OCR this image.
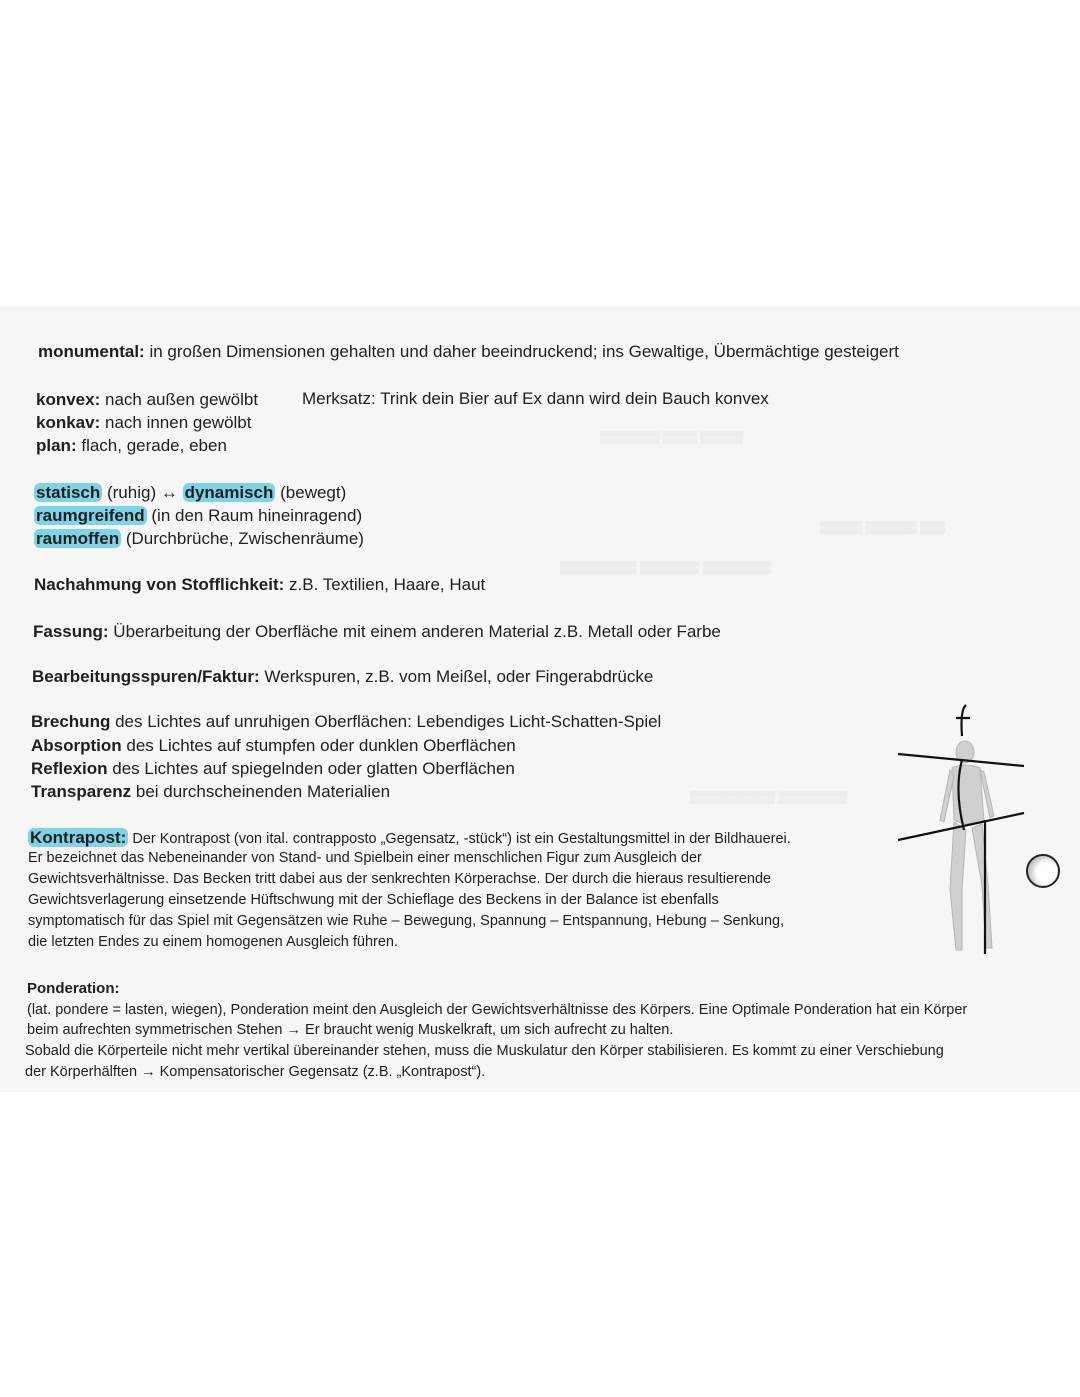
▒▒▒▒▒▒▒ ▒▒▒▒ ▒▒▒▒▒
▒▒▒▒▒ ▒▒▒▒▒▒ ▒▒▒
▒▒▒▒▒▒▒▒▒ ▒▒▒▒▒▒▒ ▒▒▒▒▒▒▒▒
▒▒▒▒▒▒▒▒▒▒ ▒▒▒▒▒▒▒▒
monumental: in großen Dimensionen gehalten und daher beeindruckend; ins Gewaltige, Übermächtige gesteigert
konvex: nach außen gewölbt	Merksatz: Trink dein Bier auf Ex dann wird dein Bauch konvex
konkav: nach innen gewölbt
plan: flach, gerade, eben
statisch (ruhig) ↔ dynamisch (bewegt)
raumgreifend (in den Raum hineinragend)
raumoffen (Durchbrüche, Zwischenräume)
Nachahmung von Stofflichkeit: z.B. Textilien, Haare, Haut
Fassung: Überarbeitung der Oberfläche mit einem anderen Material z.B. Metall oder Farbe
Bearbeitungsspuren/Faktur: Werkspuren, z.B. vom Meißel, oder Fingerabdrücke
Brechung des Lichtes auf unruhigen Oberflächen: Lebendiges Licht-Schatten-Spiel
Absorption des Lichtes auf stumpfen oder dunklen Oberflächen
Reflexion des Lichtes auf spiegelnden oder glatten Oberflächen
Transparenz bei durchscheinenden Materialien
Kontrapost: Der Kontrapost (von ital. contrapposto „Gegensatz, -stück“) ist ein Gestaltungsmittel in der Bildhauerei.
Er bezeichnet das Nebeneinander von Stand- und Spielbein einer menschlichen Figur zum Ausgleich der
Gewichtsverhältnisse. Das Becken tritt dabei aus der senkrechten Körperachse. Der durch die hieraus resultierende
Gewichtsverlagerung einsetzende Hüftschwung mit der Schieflage des Beckens in der Balance ist ebenfalls
symptomatisch für das Spiel mit Gegensätzen wie Ruhe – Bewegung, Spannung – Entspannung, Hebung – Senkung,
die letzten Endes zu einem homogenen Ausgleich führen.
Ponderation:
(lat. pondere = lasten, wiegen), Ponderation meint den Ausgleich der Gewichtsverhältnisse des Körpers. Eine Optimale Ponderation hat ein Körper
beim aufrechten symmetrischen Stehen → Er braucht wenig Muskelkraft, um sich aufrecht zu halten.
Sobald die Körperteile nicht mehr vertikal übereinander stehen, muss die Muskulatur den Körper stabilisieren. Es kommt zu einer Verschiebung
der Körperhälften → Kompensatorischer Gegensatz (z.B. „Kontrapost“).
